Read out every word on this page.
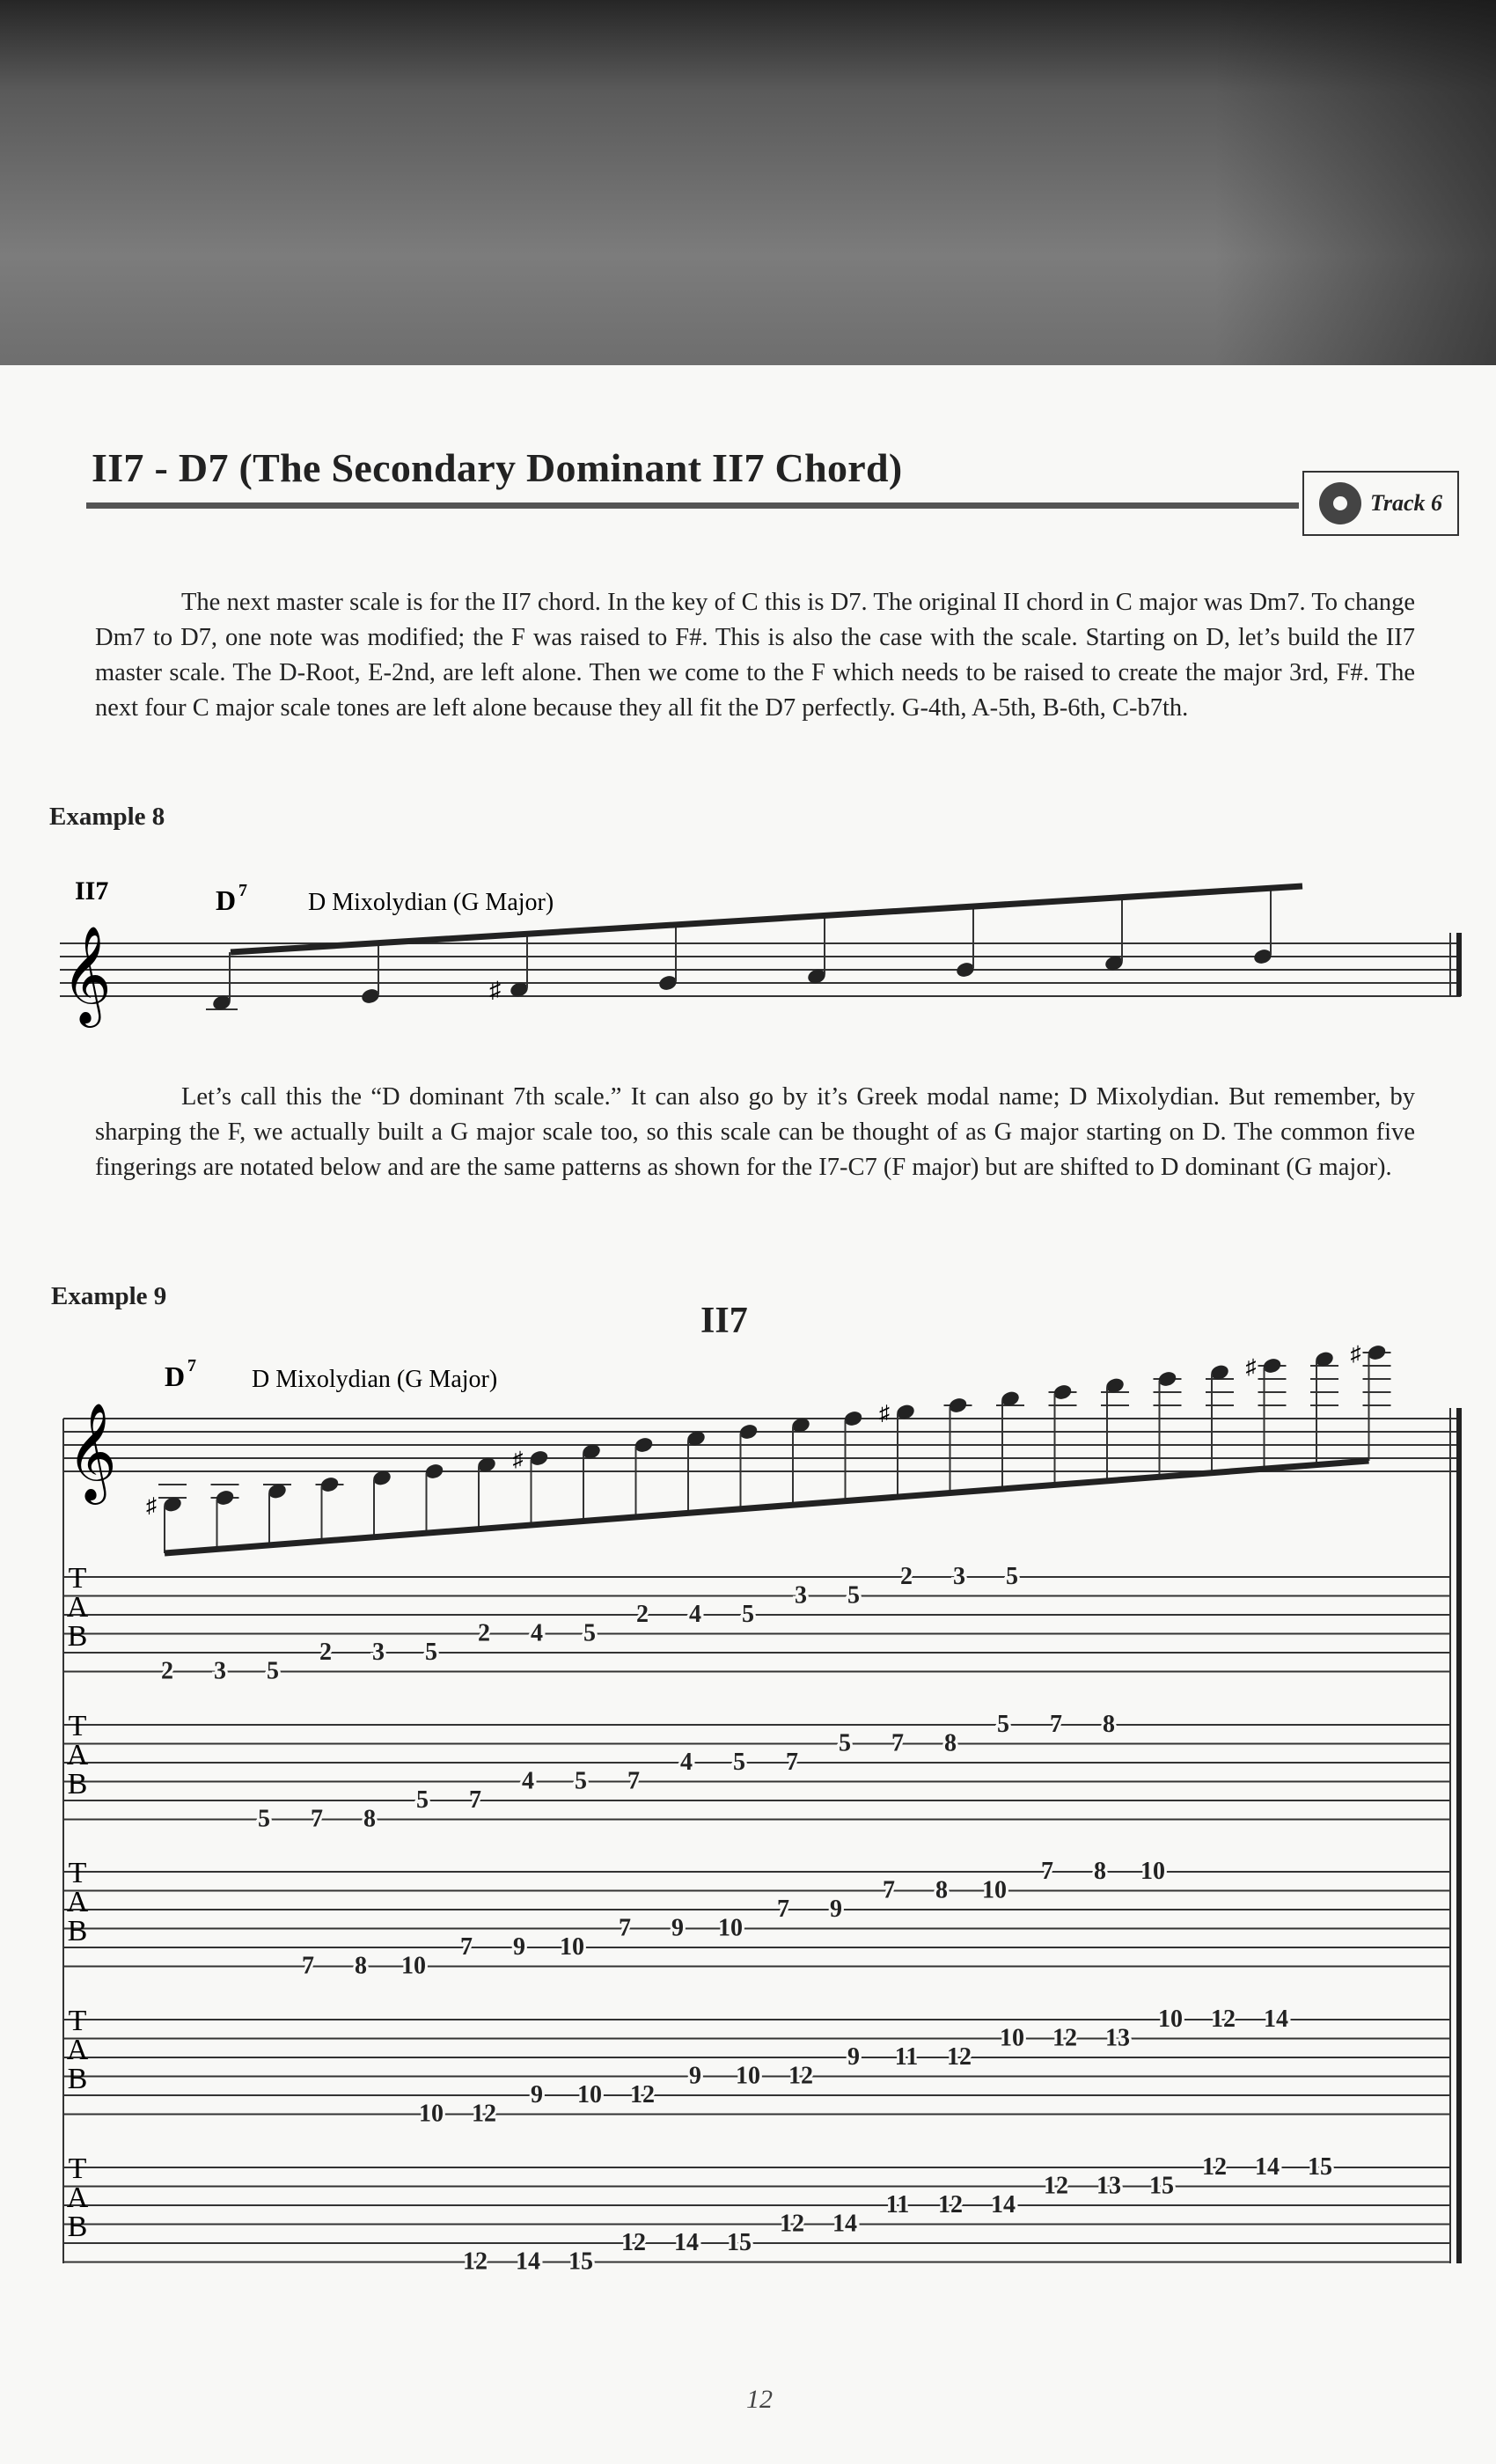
II7 - D7 (The Secondary Dominant II7 Chord)
Track 6

The next master scale is for the II7 chord. In the key of C this is D7. The original II chord in C major was Dm7. To change Dm7 to D7, one note was modified; the F was raised to F#. This is also the case with the scale. Starting on D, let’s build the II7 master scale. The D-Root, E-2nd, are left alone. Then we come to the F which needs to be raised to create the major 3rd, F#. The next four C major scale tones are left alone because they all fit the D7 perfectly. G-4th, A-5th, B-6th, C-b7th.

Example 8
II7	D 7 D Mixolydian (G Major)
𝄞	♯

Let’s call this the “D dominant 7th scale.” It can also go by it’s Greek modal name; D Mixolydian. But remember, by sharping the F, we actually built a G major scale too, so this scale can be thought of as G major starting on D. The common five fingerings are notated below and are the same patterns as shown for the I7-C7 (F major) but are shifted to D dominant (G major).

Example 9
II7
D 7 D Mixolydian (G Major)
𝄞
♯
♯
♯
♯
♯
T
A
B
2 3 5
2 3 5
2 4 5
2 4 5
3 5
2 3 5
T
A
B
5 7 8
5 7
4 5 7
4 5 7
5 7 8
5 7 8
T
A
B
7 8 10
7 9 10
7 9 10
7 9
7 8 10
7 8 10
T
A
B
10 12
9 10 12
9 10 12
9 11 12
10 12 13
10 12 14
T
A
B
12 14 15
12 14 15
12 14
11 12 14
12 13 15
12 14 15
12
